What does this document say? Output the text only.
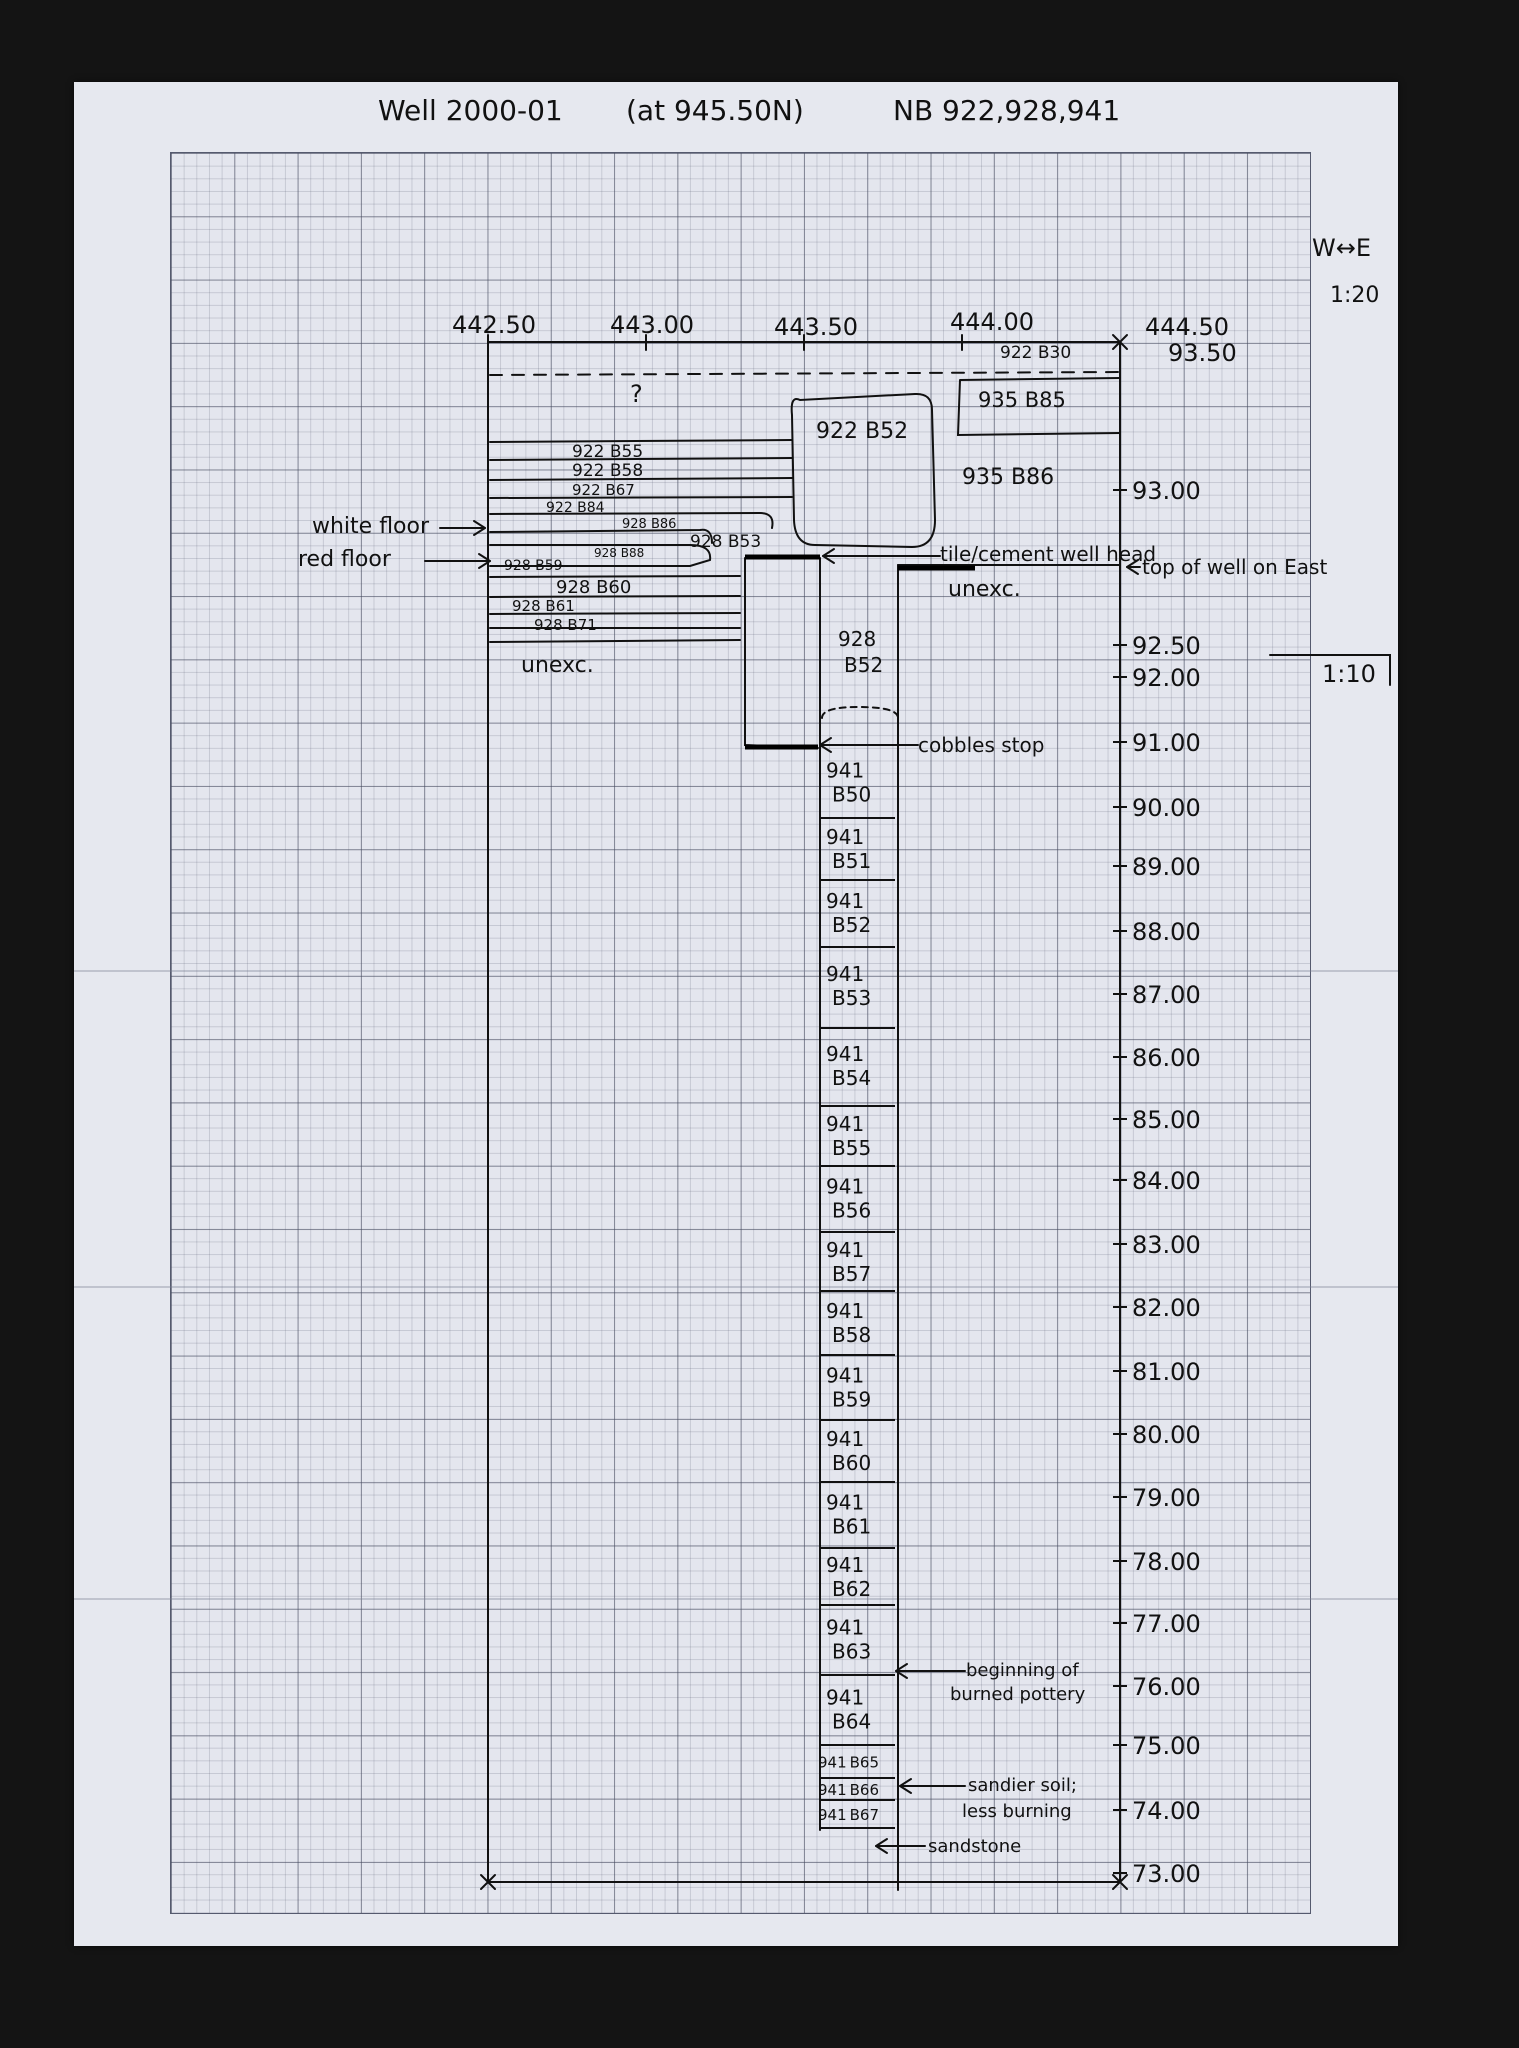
Well 2000-01 (at 945.50N)	NB 922,928,941
W↔E
1:20
1:10
442.50	443.00	443.50	444.00	444.50
93.50
93.00
92.50
92.00
91.00
90.00
89.00
88.00
87.00
86.00
85.00
84.00
83.00
82.00
81.00
80.00
79.00
78.00
77.00
76.00
75.00
74.00
73.00
?
922 B30
935 B85
922 B52
935 B86
922 B55
922 B58
922 B67
922 B84
928 B86
928 B53
928 B59
928 B88
928 B60
928 B61
928 B71
unexc.
unexc.
928
B52
941
B50
941
B51
941
B52
941
B53
941
B54
941
B55
941
B56
941
B57
941
B58
941
B59
941
B60
941
B61
941
B62
941
B63
941
B64
941 B65
941 B66
941 B67
white floor
red floor	tile/cement well head
top of well on East
cobbles stop
beginning of
burned pottery
sandier soil;
less burning
sandstone
